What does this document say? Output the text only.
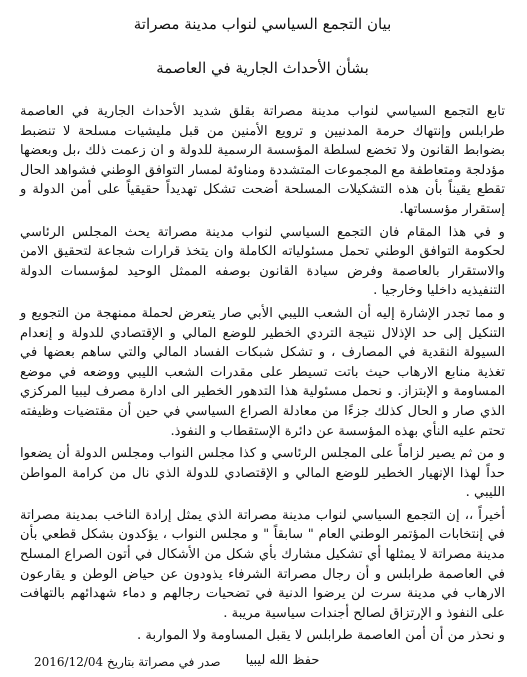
بيان التجمع السياسي لنواب مدينة مصراتة
بشأن الأحداث الجارية في العاصمة

تابع التجمع السياسي لنواب مدينة مصراتة بقلق شديد الأحداث الجارية في العاصمة طرابلس وإنتهاك حرمة المدنيين و ترويع الأمنين من قبل مليشيات مسلحة لا تنضبط بضوابط القانون ولا تخضع لسلطة المؤسسة الرسمية للدولة و ان زعمت ذلك ،بل وبعضها مؤدلجة ومتعاطفة مع المجموعات المتشددة ومناوئة لمسار التوافق الوطني فشواهد الحال تقطع يقيناً بأن هذه التشكيلات المسلحة أضحت تشكل تهديداً حقيقياً على أمن الدولة و إستقرار مؤسساتها.

و في هذا المقام فان التجمع السياسي لنواب مدينة مصراتة يحث المجلس الرئاسي لحكومة التوافق الوطني تحمل مسئولياته الكاملة وان يتخذ قرارات شجاعة لتحقيق الامن والاستقرار بالعاصمة وفرض سيادة القانون بوصفه الممثل الوحيد لمؤسسات الدولة التنفيذيه داخليا وخارجيا .

و مما تجدر الإشارة إليه أن الشعب الليبي الأبي صار يتعرض لحملة ممنهجة من التجويع و التنكيل إلى حد الإذلال نتيجة التردي الخطير للوضع المالي و الإقتصادي للدولة و إنعدام السيولة النقدية في المصارف ، و تشكل شبكات الفساد المالي والتي ساهم بعضها في تغذية منابع الارهاب حيث باتت تسيطر على مقدرات الشعب الليبي ووضعه في موضع المساومة و الإبتزاز. و نحمل مسئولية هذا التدهور الخطير الى ادارة مصرف ليبيا المركزي الذي صار و الحال كذلك جزءًا من معادلة الصراع السياسي في حين أن مقتضيات وظيفته تحتم عليه النأي بهذه المؤسسة عن دائرة الإستقطاب و النفوذ.

و من ثم يصير لزاماً على المجلس الرئاسي و كذا مجلس النواب ومجلس الدولة أن يضعوا حداً لهذا الإنهيار الخطير للوضع المالي و الإقتصادي للدولة الذي نال من كرامة المواطن الليبي .

أخيراً ،، إن التجمع السياسي لنواب مدينة مصراتة الذي يمثل إرادة الناخب بمدينة مصراتة في إنتخابات المؤتمر الوطني العام " سابقاً " و مجلس النواب ، يؤكدون بشكل قطعي بأن مدينة مصراتة لا يمثلها أي تشكيل مشارك بأي شكل من الأشكال في أتون الصراع المسلح في العاصمة طرابلس و أن رجال مصراتة الشرفاء يذودون عن حياض الوطن و يقارعون الارهاب في مدينة سرت لن يرضوا الدنية في تضحيات رجالهم و دماء شهدائهم بالتهافت على النفوذ و الإرتزاق لصالح أجندات سياسية مريبة .

و نحذر من أن أمن العاصمة طرابلس لا يقبل المساومة ولا المواربة .

حفظ الله ليبيا
صدر في مصراتة بتاريخ 2016/12/04
